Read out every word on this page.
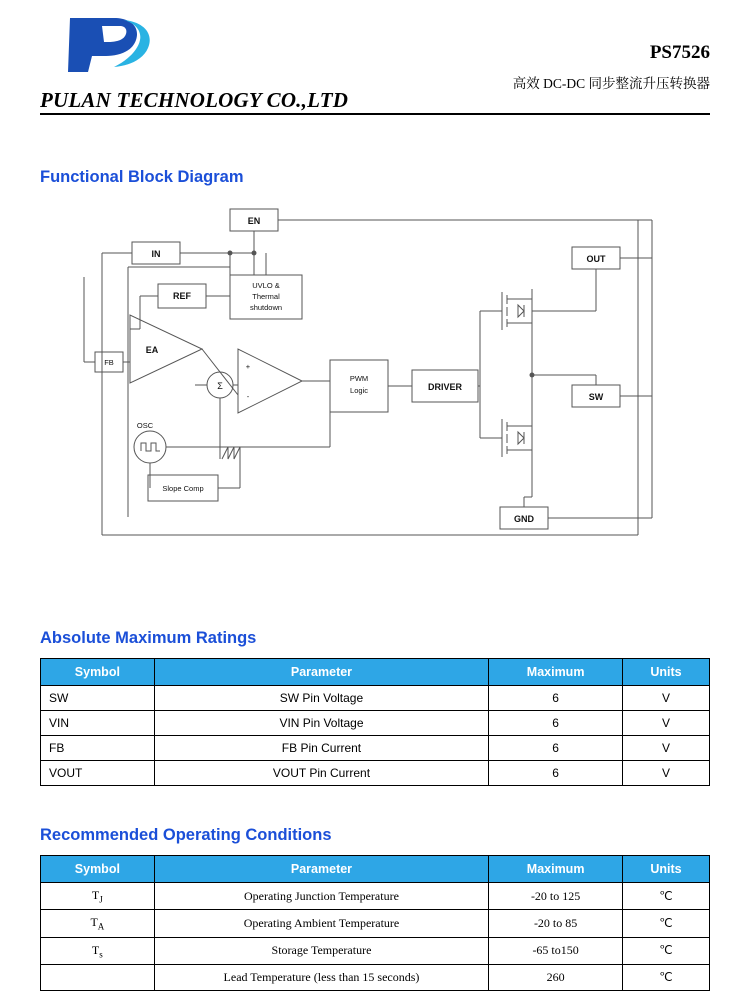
PULAN TECHNOLOGY CO.,LTD
PS7526
高效 DC-DC 同步整流升压转换器
Functional Block Diagram
EN
IN	OUT
SW
GND
FB
REF
UVLO &
Thermal
shutdown
EA
Σ
+
-
PWM
Logic	DRIVER
OSC
Slope Comp
Absolute Maximum Ratings
Symbol	Parameter	Maximum	Units
SW	SW Pin Voltage	6	V
VIN	VIN Pin Voltage	6	V
FB	FB Pin Current	6	V
VOUT	VOUT Pin Current	6	V
Recommended Operating Conditions
Symbol	Parameter	Maximum	Units
$T_J$	Operating Junction Temperature	-20 to 125	℃
$T_A$	Operating Ambient Temperature	-20 to 85	℃
$T_s$	Storage Temperature	-65 to150	℃
	Lead Temperature (less than 15 seconds)	260	℃
